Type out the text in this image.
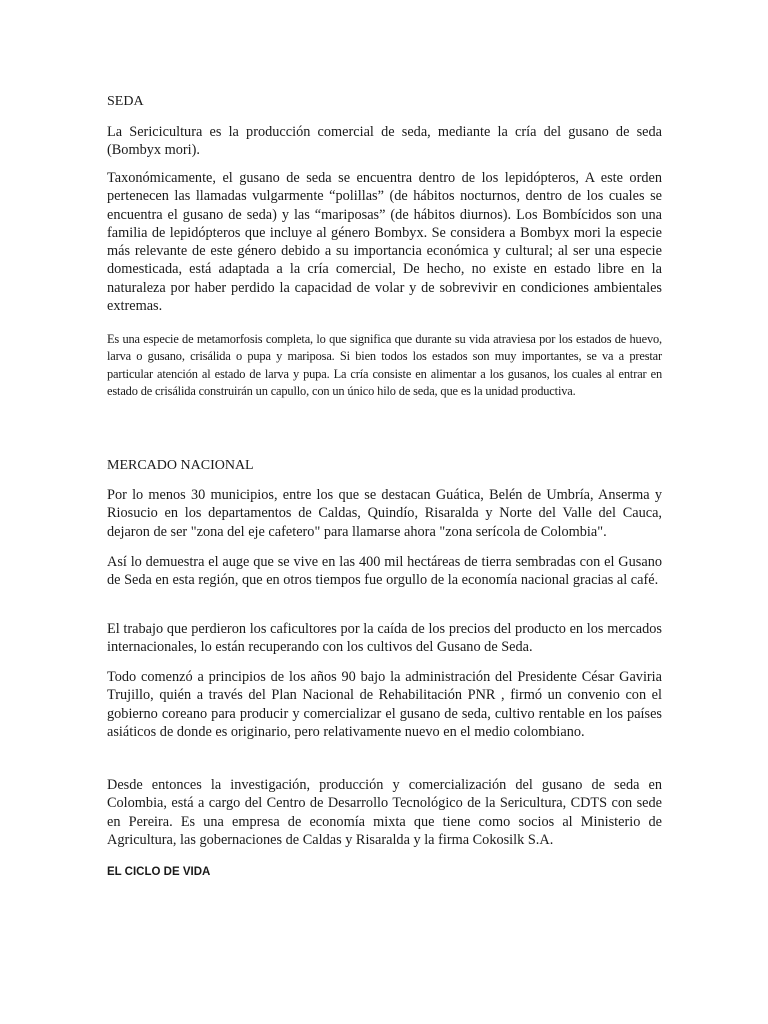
SEDA

La Sericicultura es la producción comercial de seda, mediante la cría del gusano de seda (Bombyx mori).

Taxonómicamente, el gusano de seda se encuentra dentro de los lepidópteros, A este orden pertenecen las llamadas vulgarmente “polillas” (de hábitos nocturnos, dentro de los cuales se encuentra el gusano de seda) y las “mariposas” (de hábitos diurnos). Los Bombícidos son una familia de lepidópteros que incluye al género Bombyx. Se considera a Bombyx mori la especie más relevante de este género debido a su importancia económica y cultural; al ser una especie domesticada, está adaptada a la cría comercial, De hecho, no existe en estado libre en la naturaleza por haber perdido la capacidad de volar y de sobrevivir en condiciones ambientales extremas.

Es una especie de metamorfosis completa, lo que significa que durante su vida atraviesa por los estados de huevo, larva o gusano, crisálida o pupa y mariposa. Si bien todos los estados son muy importantes, se va a prestar particular atención al estado de larva y pupa. La cría consiste en alimentar a los gusanos, los cuales al entrar en estado de crisálida construirán un capullo, con un único hilo de seda, que es la unidad productiva.

MERCADO NACIONAL

Por lo menos 30 municipios, entre los que se destacan Guática, Belén de Umbría, Anserma y Riosucio en los departamentos de Caldas, Quindío, Risaralda y Norte del Valle del Cauca, dejaron de ser "zona del eje cafetero" para llamarse ahora "zona serícola de Colombia".

Así lo demuestra el auge que se vive en las 400 mil hectáreas de tierra sembradas con el Gusano de Seda en esta región, que en otros tiempos fue orgullo de la economía nacional gracias al café.

El trabajo que perdieron los caficultores por la caída de los precios del producto en los mercados internacionales, lo están recuperando con los cultivos del Gusano de Seda.

Todo comenzó a principios de los años 90 bajo la administración del Presidente César Gaviria Trujillo, quién a través del Plan Nacional de Rehabilitación PNR , firmó un convenio con el gobierno coreano para producir y comercializar el gusano de seda, cultivo rentable en los países asiáticos de donde es originario, pero relativamente nuevo en el medio colombiano.

Desde entonces la investigación, producción y comercialización del gusano de seda en Colombia, está a cargo del Centro de Desarrollo Tecnológico de la Sericultura, CDTS con sede en Pereira. Es una empresa de economía mixta que tiene como socios al Ministerio de Agricultura, las gobernaciones de Caldas y Risaralda y la firma Cokosilk S.A.

EL CICLO DE VIDA
